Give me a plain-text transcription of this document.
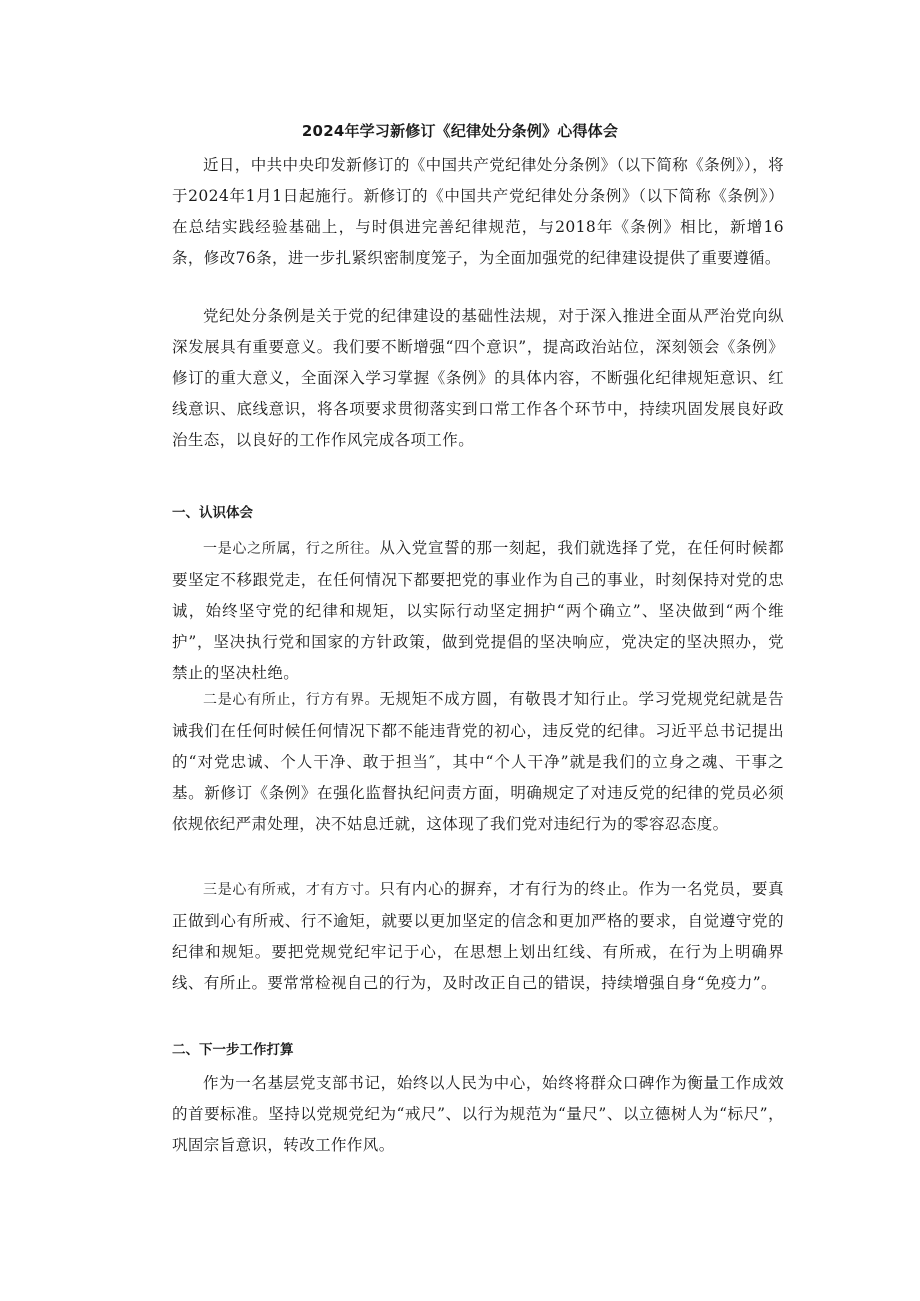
2024年学习新修订《纪律处分条例》心得体会

近日，中共中央印发新修订的《中国共产党纪律处分条例》（以下简称《条例》），将于2024年1月1日起施行。新修订的《中国共产党纪律处分条例》（以下简称《条例》）在总结实践经验基础上，与时俱进完善纪律规范，与2018年《条例》相比，新增16条，修改76条，进一步扎紧织密制度笼子，为全面加强党的纪律建设提供了重要遵循。

党纪处分条例是关于党的纪律建设的基础性法规，对于深入推进全面从严治党向纵深发展具有重要意义。我们要不断增强“四个意识”，提高政治站位，深刻领会《条例》修订的重大意义，全面深入学习掌握《条例》的具体内容，不断强化纪律规矩意识、红线意识、底线意识，将各项要求贯彻落实到口常工作各个环节中，持续巩固发展良好政治生态，以良好的工作作风完成各项工作。

一、认识体会

一是心之所属，行之所往。从入党宣誓的那一刻起，我们就选择了党，在任何时候都要坚定不移跟党走，在任何情况下都要把党的事业作为自己的事业，时刻保持对党的忠诚，始终坚守党的纪律和规矩，以实际行动坚定拥护“两个确立”、坚决做到“两个维护”，坚决执行党和国家的方针政策，做到党提倡的坚决响应，党决定的坚决照办，党禁止的坚决杜绝。

二是心有所止，行方有界。无规矩不成方圆，有敬畏才知行止。学习党规党纪就是告诫我们在任何时候任何情况下都不能违背党的初心，违反党的纪律。习近平总书记提出的“对党忠诚、个人干净、敢于担当″，其中“个人干净”就是我们的立身之魂、干事之基。新修订《条例》在强化监督执纪问责方面，明确规定了对违反党的纪律的党员必须依规依纪严肃处理，决不姑息迁就，这体现了我们党对违纪行为的零容忍态度。

三是心有所戒，才有方寸。只有内心的摒弃，才有行为的终止。作为一名党员，要真正做到心有所戒、行不逾矩，就要以更加坚定的信念和更加严格的要求，自觉遵守党的纪律和规矩。要把党规党纪牢记于心，在思想上划出红线、有所戒，在行为上明确界线、有所止。要常常检视自己的行为，及时改正自己的错误，持续增强自身“免疫力”。

二、下一步工作打算

作为一名基层党支部书记，始终以人民为中心，始终将群众口碑作为衡量工作成效的首要标准。坚持以党规党纪为“戒尺”、以行为规范为“量尺”、以立德树人为“标尺”，巩固宗旨意识，转改工作作风。
